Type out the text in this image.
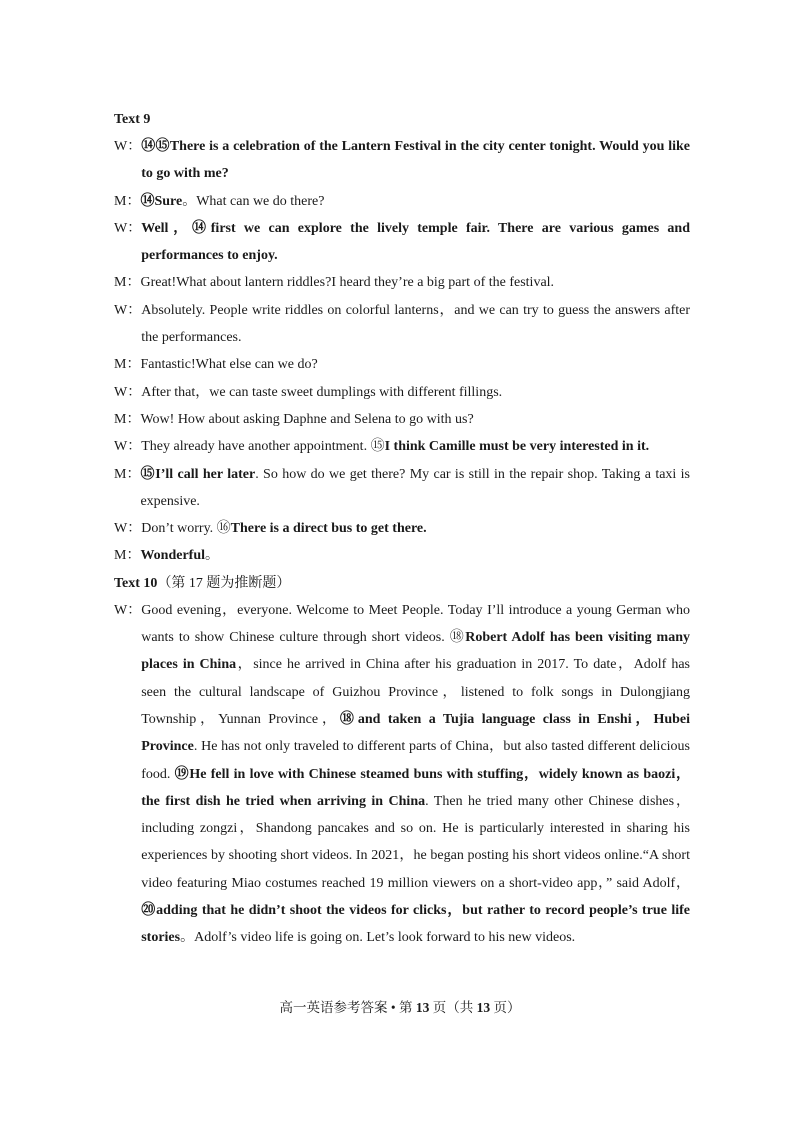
Text 9
W： ⑭⑮There is a celebration of the Lantern Festival in the city center tonight. Would you like to go with me?
M： ⑭Sure。What can we do there?
W： Well，⑭first we can explore the lively temple fair. There are various games and performances to enjoy.
M： Great!What about lantern riddles?I heard they’re a big part of the festival.
W： Absolutely. People write riddles on colorful lanterns，and we can try to guess the answers after the performances.
M： Fantastic!What else can we do?
W： After that，we can taste sweet dumplings with different fillings.
M： Wow! How about asking Daphne and Selena to go with us?
W： They already have another appointment. ⑮I think Camille must be very interested in it.
M： ⑮I’ll call her later. So how do we get there? My car is still in the repair shop. Taking a taxi is expensive.
W： Don’t worry. ⑯There is a direct bus to get there.
M： Wonderful。
Text 10（第 17 题为推断题）
W： Good evening，everyone. Welcome to Meet People. Today I’ll introduce a young German who wants to show Chinese culture through short videos. ⑱Robert Adolf has been visiting many places in China，since he arrived in China after his graduation in 2017. To date，Adolf has seen the cultural landscape of Guizhou Province，listened to folk songs in Dulongjiang Township，Yunnan Province，⑱and taken a Tujia language class in Enshi，Hubei Province. He has not only traveled to different parts of China，but also tasted different delicious food. ⑲He fell in love with Chinese steamed buns with stuffing，widely known as baozi，the first dish he tried when arriving in China. Then he tried many other Chinese dishes，including zongzi，Shandong pancakes and so on. He is particularly interested in sharing his experiences by shooting short videos. In 2021，he began posting his short videos online.“A short video featuring Miao costumes reached 19 million viewers on a short-video app，” said Adolf，⑳adding that he didn’t shoot the videos for clicks，but rather to record people’s true life stories。Adolf’s video life is going on. Let’s look forward to his new videos.
高一英语参考答案 • 第 13 页（共 13 页）
